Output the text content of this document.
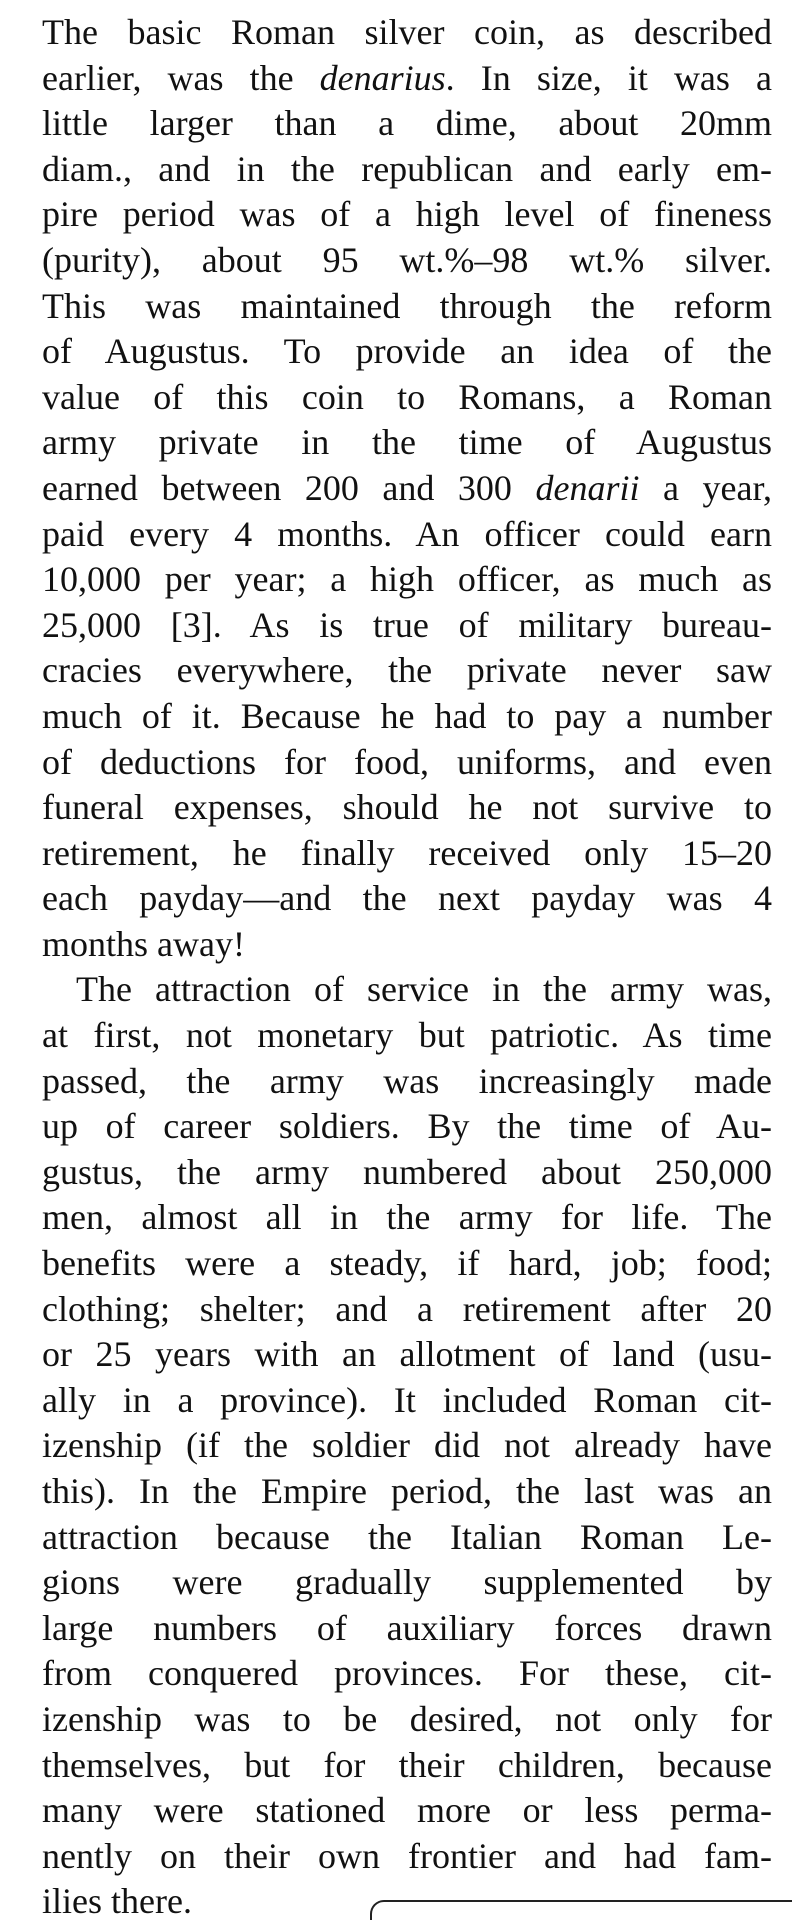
The basic Roman silver coin, as described
earlier, was the denarius. In size, it was a
little larger than a dime, about 20mm
diam., and in the republican and early em-
pire period was of a high level of fineness
(purity), about 95 wt.%–98 wt.% silver.
This was maintained through the reform
of Augustus. To provide an idea of the
value of this coin to Romans, a Roman
army private in the time of Augustus
earned between 200 and 300 denarii a year,
paid every 4 months. An officer could earn
10,000 per year; a high officer, as much as
25,000 [3]. As is true of military bureau-
cracies everywhere, the private never saw
much of it. Because he had to pay a number
of deductions for food, uniforms, and even
funeral expenses, should he not survive to
retirement, he finally received only 15–20
each payday—and the next payday was 4
months away!
The attraction of service in the army was,
at first, not monetary but patriotic. As time
passed, the army was increasingly made
up of career soldiers. By the time of Au-
gustus, the army numbered about 250,000
men, almost all in the army for life. The
benefits were a steady, if hard, job; food;
clothing; shelter; and a retirement after 20
or 25 years with an allotment of land (usu-
ally in a province). It included Roman cit-
izenship (if the soldier did not already have
this). In the Empire period, the last was an
attraction because the Italian Roman Le-
gions were gradually supplemented by
large numbers of auxiliary forces drawn
from conquered provinces. For these, cit-
izenship was to be desired, not only for
themselves, but for their children, because
many were stationed more or less perma-
nently on their own frontier and had fam-
ilies there.
